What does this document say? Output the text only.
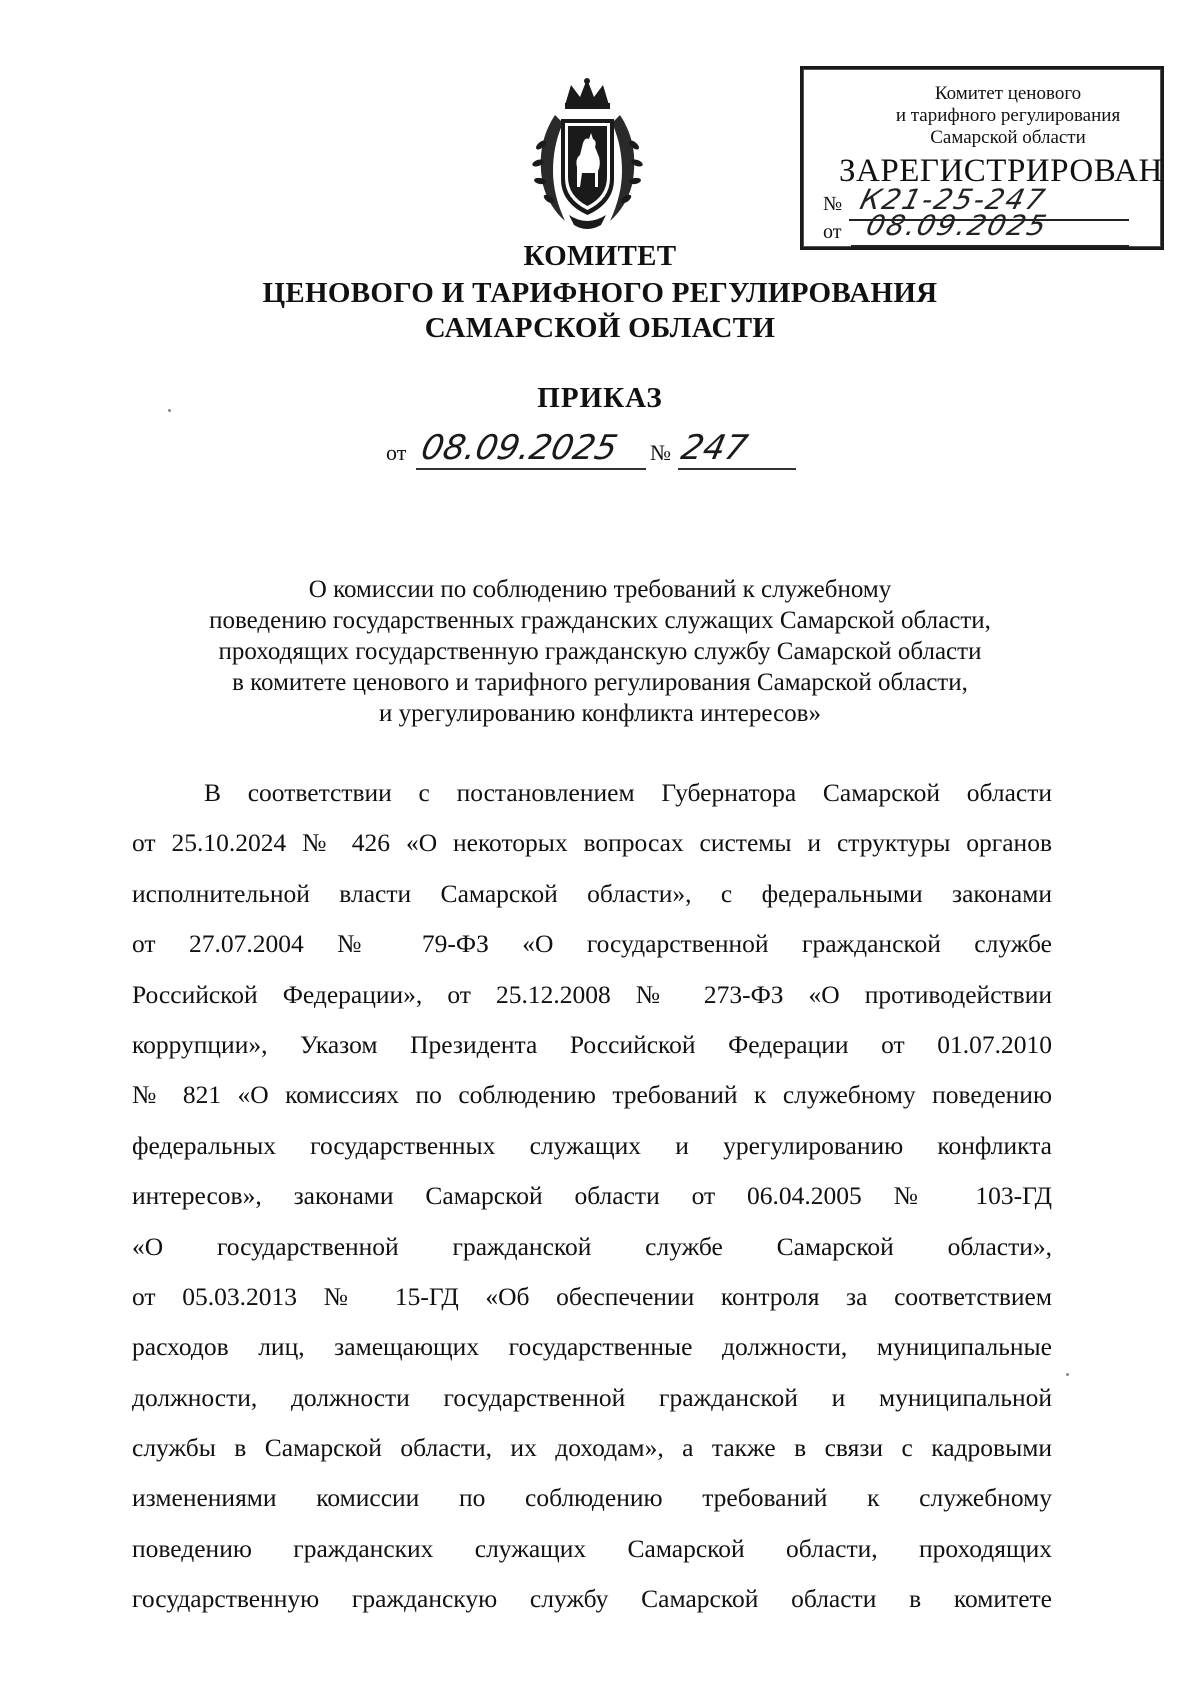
Комитет ценового
и тарифного регулирования
Самарской области
ЗАРЕГИСТРИРОВАН
№ К21-25-247
от 08.09.2025
КОМИТЕТ
ЦЕНОВОГО И ТАРИФНОГО РЕГУЛИРОВАНИЯ
САМАРСКОЙ ОБЛАСТИ
ПРИКАЗ
от 08.09.2025 № 247
О комиссии по соблюдению требований к служебному
поведению государственных гражданских служащих Самарской области,
проходящих государственную гражданскую службу Самарской области
в комитете ценового и тарифного регулирования Самарской области,
и урегулированию конфликта интересов»
В соответствии с постановлением Губернатора Самарской области
от 25.10.2024 № 426 «О некоторых вопросах системы и структуры органов
исполнительной власти Самарской области», с федеральными законами
от 27.07.2004 № 79-ФЗ «О государственной гражданской службе
Российской Федерации», от 25.12.2008 № 273-ФЗ «О противодействии
коррупции», Указом Президента Российской Федерации от 01.07.2010
№ 821 «О комиссиях по соблюдению требований к служебному поведению
федеральных государственных служащих и урегулированию конфликта
интересов», законами Самарской области от 06.04.2005 № 103-ГД
«О государственной гражданской службе Самарской области»,
от 05.03.2013 № 15-ГД «Об обеспечении контроля за соответствием
расходов лиц, замещающих государственные должности, муниципальные
должности, должности государственной гражданской и муниципальной
службы в Самарской области, их доходам», а также в связи с кадровыми
изменениями комиссии по соблюдению требований к служебному
поведению гражданских служащих Самарской области, проходящих
государственную гражданскую службу Самарской области в комитете
